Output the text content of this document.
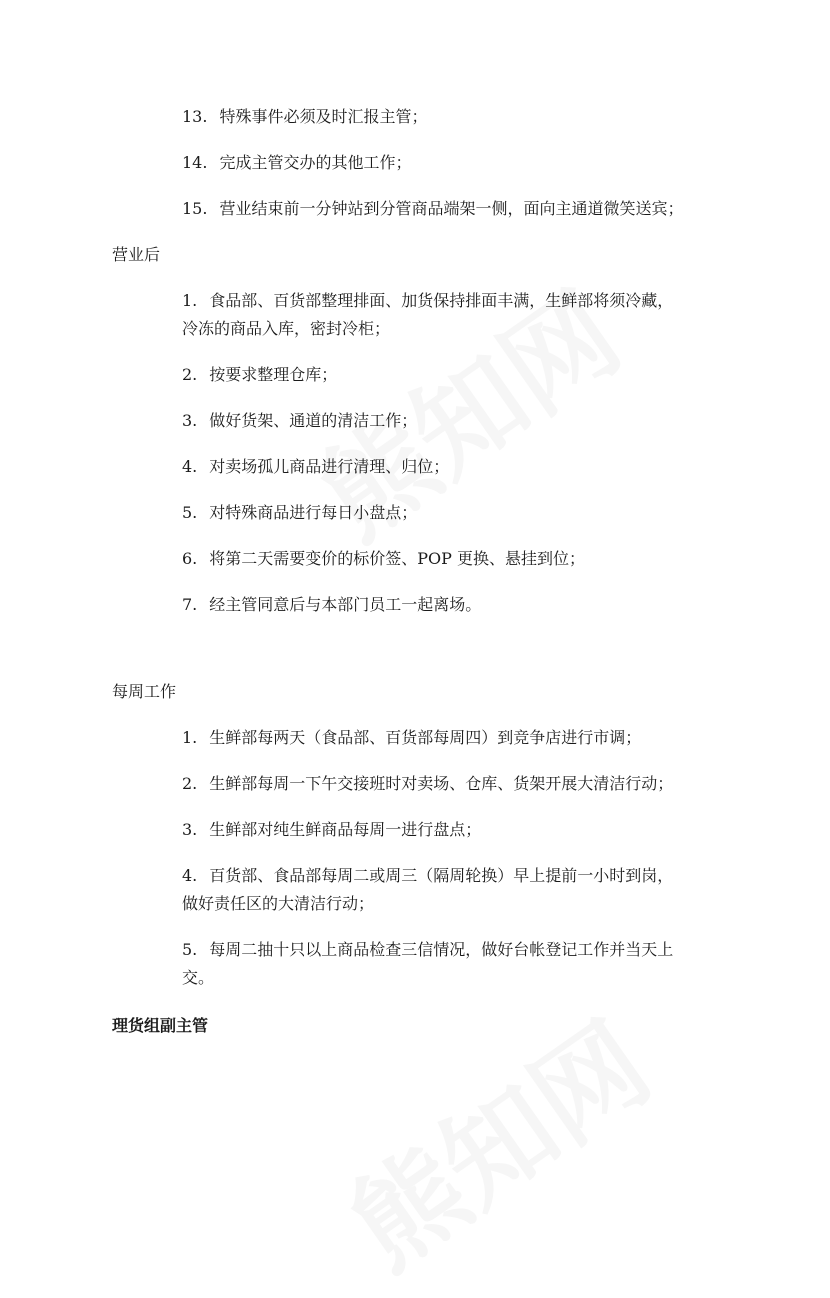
13. 特殊事件必须及时汇报主管；
14. 完成主管交办的其他工作；
15. 营业结束前一分钟站到分管商品端架一侧，面向主通道微笑送宾；
营业后
1. 食品部、百货部整理排面、加货保持排面丰满，生鲜部将须冷藏，
冷冻的商品入库，密封冷柜；
2. 按要求整理仓库；
3. 做好货架、通道的清洁工作；
4. 对卖场孤儿商品进行清理、归位；
5. 对特殊商品进行每日小盘点；
6. 将第二天需要变价的标价签、POP 更换、悬挂到位；
7. 经主管同意后与本部门员工一起离场。
每周工作
1. 生鲜部每两天（食品部、百货部每周四）到竞争店进行市调；
2. 生鲜部每周一下午交接班时对卖场、仓库、货架开展大清洁行动；
3. 生鲜部对纯生鲜商品每周一进行盘点；
4. 百货部、食品部每周二或周三（隔周轮换）早上提前一小时到岗，
做好责任区的大清洁行动；
5. 每周二抽十只以上商品检查三信情况，做好台帐登记工作并当天上
交。
理货组副主管
